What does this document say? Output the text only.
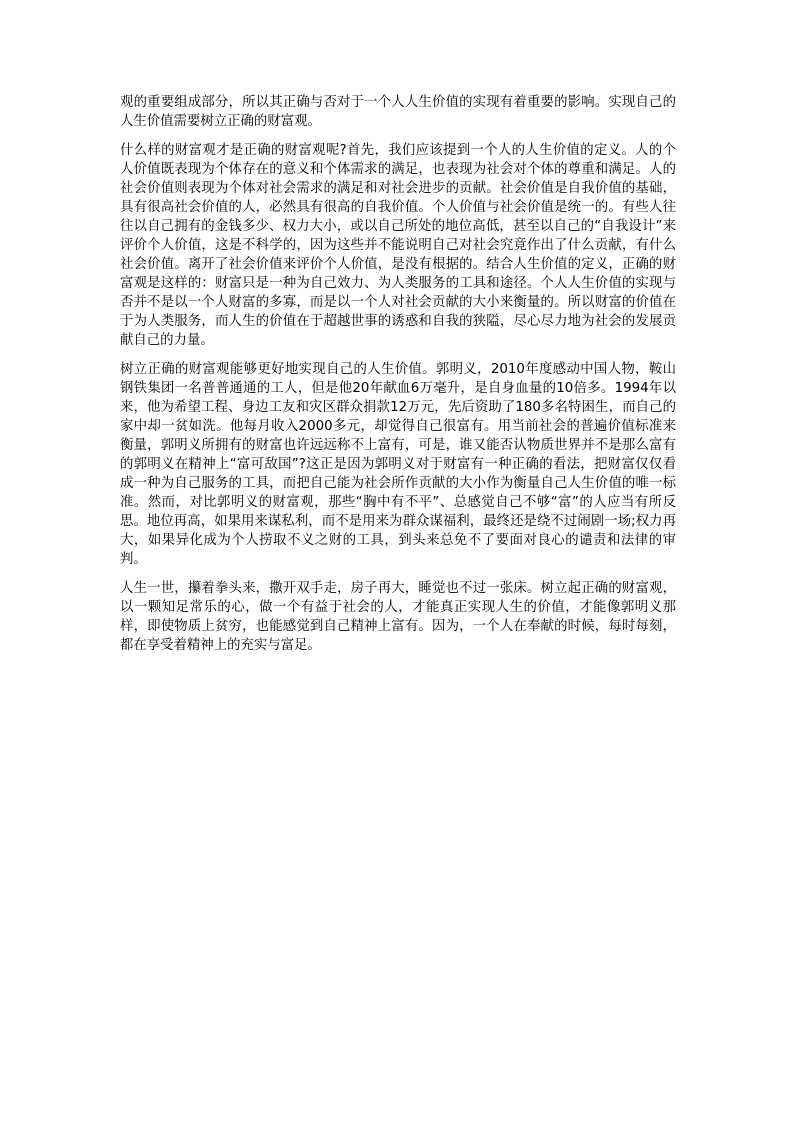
观的重要组成部分，所以其正确与否对于一个人人生价值的实现有着重要的影响。实现自己的人生价值需要树立正确的财富观。

什么样的财富观才是正确的财富观呢?首先，我们应该提到一个人的人生价值的定义。人的个人价值既表现为个体存在的意义和个体需求的满足，也表现为社会对个体的尊重和满足。人的社会价值则表现为个体对社会需求的满足和对社会进步的贡献。社会价值是自我价值的基础，具有很高社会价值的人，必然具有很高的自我价值。个人价值与社会价值是统一的。有些人往往以自己拥有的金钱多少、权力大小，或以自己所处的地位高低，甚至以自己的“自我设计”来评价个人价值，这是不科学的，因为这些并不能说明自己对社会究竟作出了什么贡献，有什么社会价值。离开了社会价值来评价个人价值，是没有根据的。结合人生价值的定义，正确的财富观是这样的：财富只是一种为自己效力、为人类服务的工具和途径。个人人生价值的实现与否并不是以一个人财富的多寡，而是以一个人对社会贡献的大小来衡量的。所以财富的价值在于为人类服务，而人生的价值在于超越世事的诱惑和自我的狭隘，尽心尽力地为社会的发展贡献自己的力量。

树立正确的财富观能够更好地实现自己的人生价值。郭明义，2010年度感动中国人物，鞍山钢铁集团一名普普通通的工人，但是他20年献血6万毫升，是自身血量的10倍多。1994年以来，他为希望工程、身边工友和灾区群众捐款12万元，先后资助了180多名特困生，而自己的家中却一贫如洗。他每月收入2000多元，却觉得自己很富有。用当前社会的普遍价值标准来衡量，郭明义所拥有的财富也许远远称不上富有，可是，谁又能否认物质世界并不是那么富有的郭明义在精神上“富可敌国”?这正是因为郭明义对于财富有一种正确的看法，把财富仅仅看成一种为自己服务的工具，而把自己能为社会所作贡献的大小作为衡量自己人生价值的唯一标准。然而，对比郭明义的财富观，那些“胸中有不平”、总感觉自己不够“富”的人应当有所反思。地位再高，如果用来谋私利，而不是用来为群众谋福利，最终还是绕不过闹剧一场;权力再大，如果异化成为个人捞取不义之财的工具，到头来总免不了要面对良心的谴责和法律的审判。

人生一世，攥着拳头来，撒开双手走，房子再大，睡觉也不过一张床。树立起正确的财富观，以一颗知足常乐的心，做一个有益于社会的人，才能真正实现人生的价值，才能像郭明义那样，即使物质上贫穷，也能感觉到自己精神上富有。因为，一个人在奉献的时候，每时每刻，都在享受着精神上的充实与富足。
